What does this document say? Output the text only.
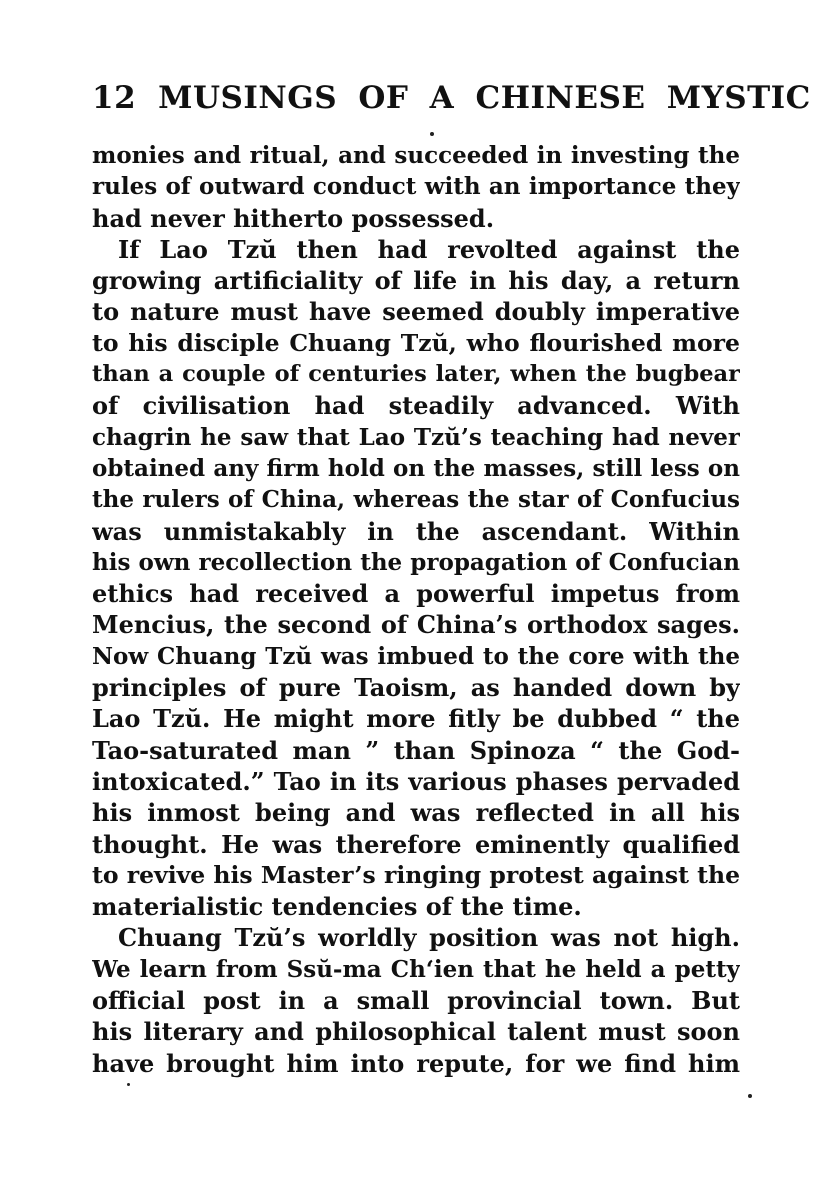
12 MUSINGS OF A CHINESE MYSTIC
monies and ritual, and succeeded in investing the
rules of outward conduct with an importance they
had never hitherto possessed.
If Lao Tzŭ then had revolted against the
growing artificiality of life in his day, a return
to nature must have seemed doubly imperative
to his disciple Chuang Tzŭ, who flourished more
than a couple of centuries later, when the bugbear
of civilisation had steadily advanced. With
chagrin he saw that Lao Tzŭ’s teaching had never
obtained any firm hold on the masses, still less on
the rulers of China, whereas the star of Confucius
was unmistakably in the ascendant. Within
his own recollection the propagation of Confucian
ethics had received a powerful impetus from
Mencius, the second of China’s orthodox sages.
Now Chuang Tzŭ was imbued to the core with the
principles of pure Taoism, as handed down by
Lao Tzŭ. He might more fitly be dubbed “ the
Tao-saturated man ” than Spinoza “ the God-
intoxicated.” Tao in its various phases pervaded
his inmost being and was reflected in all his
thought. He was therefore eminently qualified
to revive his Master’s ringing protest against the
materialistic tendencies of the time.
Chuang Tzŭ’s worldly position was not high.
We learn from Ssŭ-ma Ch‘ien that he held a petty
official post in a small provincial town. But
his literary and philosophical talent must soon
have brought him into repute, for we find him
